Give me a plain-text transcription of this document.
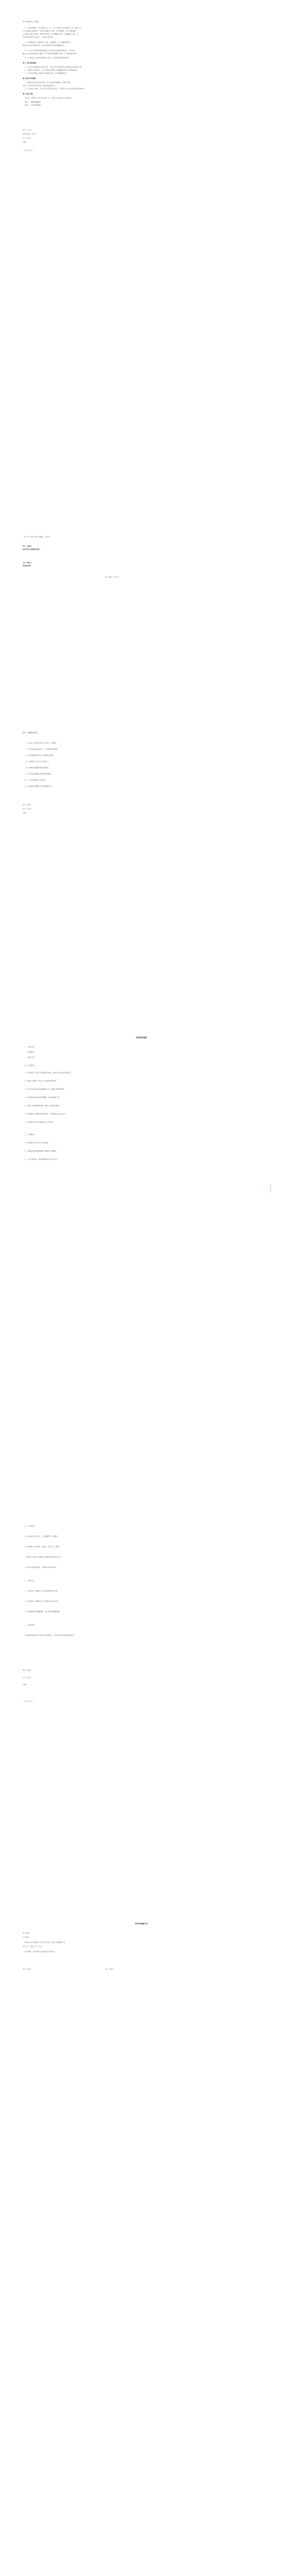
甲方有权要求乙方赔偿：
3、合同有效期内，甲方接到乙方一方，乙方不能按工作内容进行工作，提前三十
天以书面形式通知甲方，或在无法履行合同时，应在该期间，双方协商处理，
乙方须以书面方式提出，经甲方同意后，方可解除本合同，合同解除之日起，乙
方应将所有资料交回甲方，并办理交接手续。
4、合同期满前乙方提前终止合同，必须提前三十天书面通知甲方，
同时乙方应承担违约责任，违约金按照合同约定的数额支付，
5、乙方在合同期内因故意或重大过失给甲方造成经济损失的，甲方有权
要求乙方按实际损失进行赔偿。甲方同时有权解除本合同，并不承担违约责任。
6、乙方违反本合同约定的保密义务的，应承担相应的法律责任。
第十三条 保密条款
1、乙方在合同期内及合同终止后，对在工作中获知的甲方商业秘密负有保密义务。
2、未经甲方书面许可，乙方不得向任何第三方披露或使用甲方的商业秘密。
3、乙方违反保密义务给甲方造成损失的，应当承担赔偿责任。
第十四条 争议解决
1、因履行本合同发生争议的，双方应友好协商解决；协商不成的，
任何一方均可向甲方所在地人民法院提起诉讼。
2、本合同未尽事宜，双方可另行签订补充协议，补充协议与本合同具有同等法律效力。
第十五条 其他
本合同一式两份，甲乙双方各执一份，自双方签字盖章之日起生效。
附件一：薪酬待遇说明
附件二：岗位职责说明
甲方（公章）：
法定代表人（签字）：
乙方（签字）：
日期：
（以下无正文）
（以下为《劳动合同》签署页，无正文）
甲方（盖章）：
法定代表人或授权代理人：
乙方（签字）：
身份证号码：
签订日期： 年 月 日
附件一 薪酬待遇说明
一、乙方的工资标准为每月人民币 元（税前）。
二、工资发放时间为每月 日，如遇节假日顺延。
三、甲方按国家规定为乙方缴纳社会保险。
（1）试用期工资为正式工资的 %。
（2）绩效奖金根据考核结果发放。
（3）年终奖金根据公司经营情况确定。
四、乙方应按时提交工作报告。
五、其他福利待遇按公司规章制度执行。
甲方（盖章）：
乙方（签字）：
日期：
岗位职责说明
一、岗位名称：
二、所属部门：
三、直接上级：
四、岗位职责：
1、负责本部门日常工作的组织与实施，完成上级交办的各项任务。
2、按照公司要求，制定工作计划并组织落实。
3、负责与相关部门的沟通协调工作，确保工作顺利开展。
4、负责本岗位相关资料的整理、归档和保管工作。
5、遵守公司各项规章制度，维护公司利益和形象。
6、积极参加公司组织的各类培训，不断提高自身业务水平。
7、完成领导交办的其他临时性工作任务。
五、任职要求：
1、具有相关专业学历及工作经验。
2、具备良好的沟通协调能力和团队合作精神。
3、工作认真负责，具有较强的责任心和执行力。
合同专用章
六、工作标准：
1、按时完成工作任务，工作质量符合公司要求。
2、严格遵守工作纪律，无迟到、早退、旷工现象。
3、服从工作安排，积极配合其他同事完成相关工作。
4、保守公司商业秘密，不泄露公司内部信息。
七、考核方式：
1、月度考核：根据每月工作完成情况进行考核。
2、年度考核：根据全年工作表现进行综合评定。
3、考核结果作为薪酬调整、岗位晋升的重要依据。
八、其他说明：
本岗位职责说明书作为劳动合同的附件，与劳动合同具有同等法律效力。
甲方（盖章）：
乙方（签字）：
日期：
（以下无正文）
劳动合同续订书
甲方名称：
乙方姓名：
经甲乙双方协商同意，续订劳动合同，续订合同期限为 年，
自 年 月 日起至 年 月 日止。
续订期间，双方权利义务按原劳动合同执行。
甲方（盖章）：	乙方（签字）：
